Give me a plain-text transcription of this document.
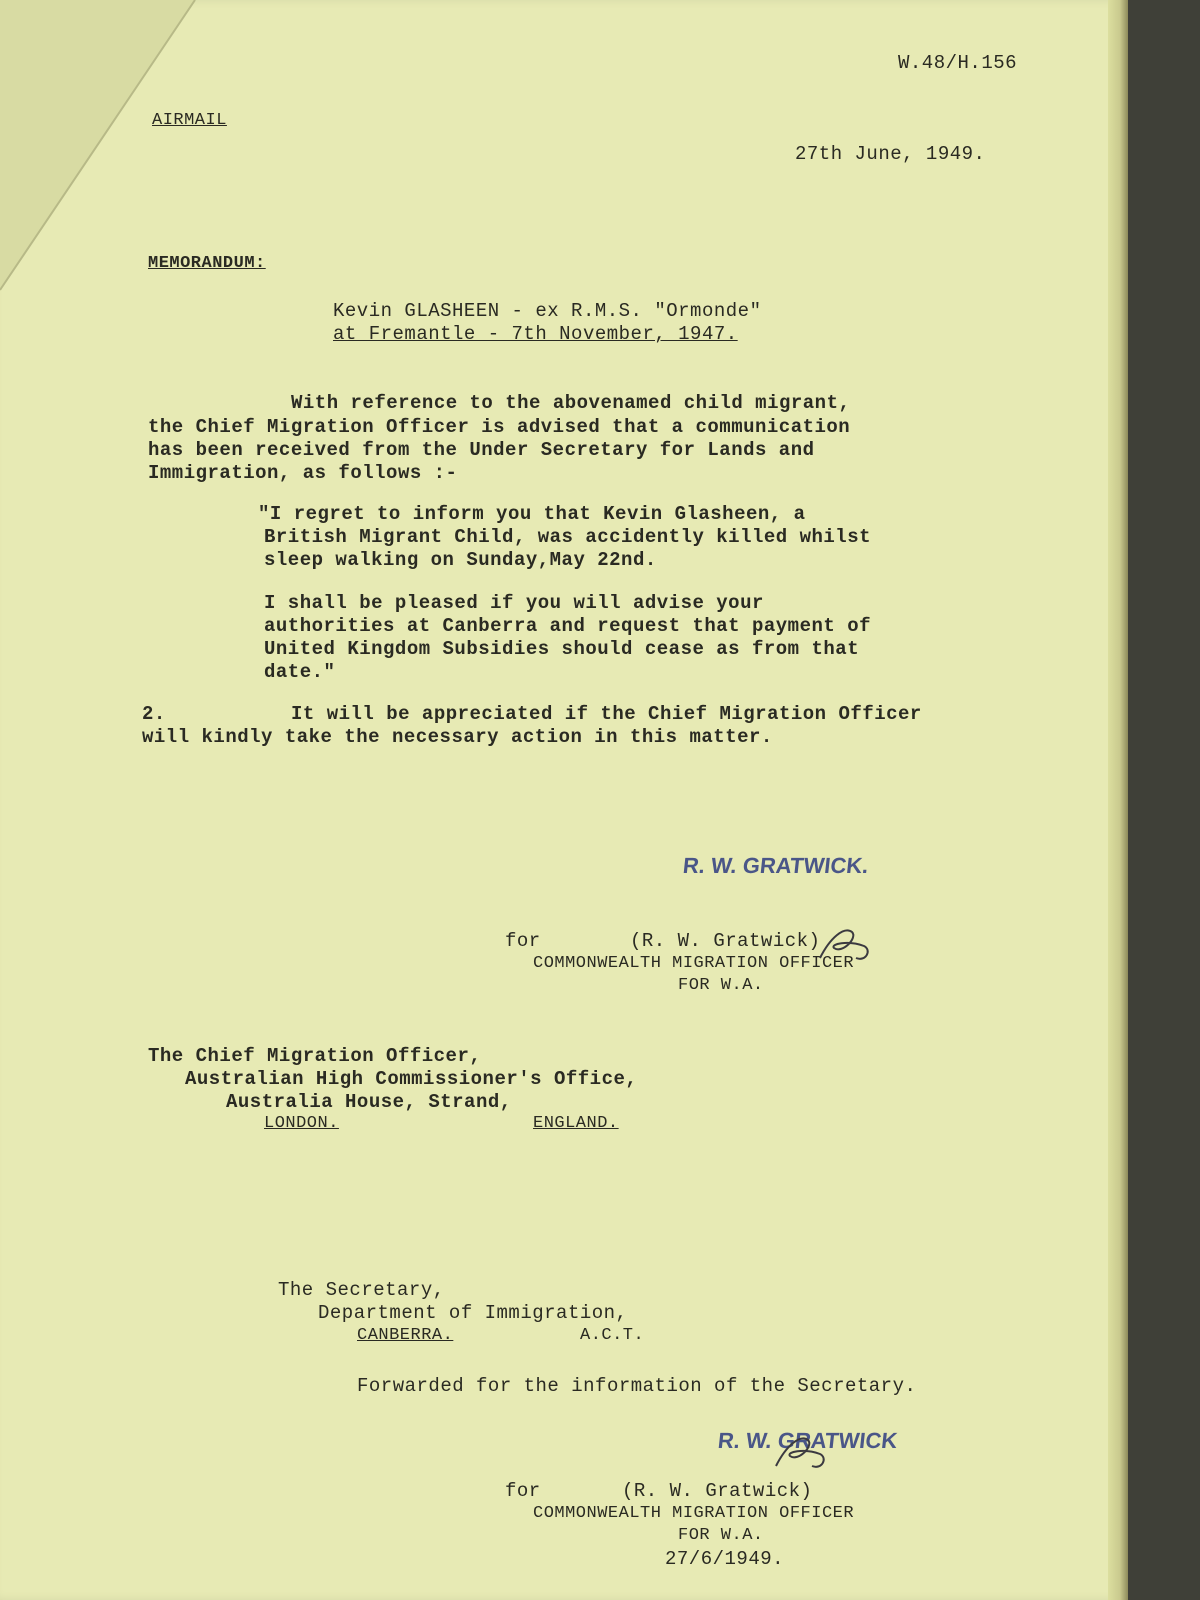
W.48/H.156
AIRMAIL
27th June, 1949.
MEMORANDUM:
Kevin GLASHEEN - ex R.M.S. "Ormonde"
at Fremantle - 7th November, 1947.
With reference to the abovenamed child migrant,
the Chief Migration Officer is advised that a communication
has been received from the Under Secretary for Lands and
Immigration, as follows :-
"I regret to inform you that Kevin Glasheen, a
British Migrant Child, was accidently killed whilst
sleep walking on Sunday,May 22nd.
I shall be pleased if you will advise your
authorities at Canberra and request that payment of
United Kingdom Subsidies should cease as from that
date."
2.	It will be appreciated if the Chief Migration Officer
will kindly take the necessary action in this matter.
R. W. GRATWICK.
for	(R. W. Gratwick)
COMMONWEALTH MIGRATION OFFICER
FOR W.A.
The Chief Migration Officer,
Australian High Commissioner's Office,
Australia House, Strand,
LONDON.	ENGLAND.
The Secretary,
Department of Immigration,
CANBERRA.	A.C.T.
Forwarded for the information of the Secretary.
R. W. GRATWICK
for	(R. W. Gratwick)
COMMONWEALTH MIGRATION OFFICER
FOR W.A.
27/6/1949.
